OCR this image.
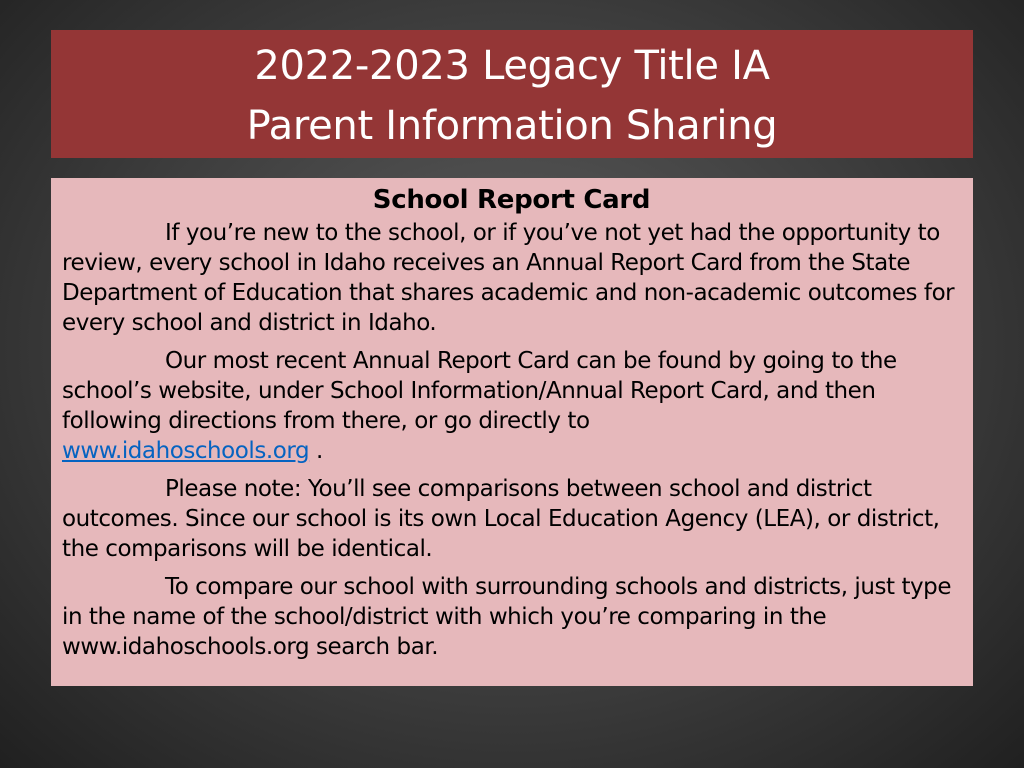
2022-2023 Legacy Title IA
Parent Information Sharing
School Report Card

If you’re new to the school, or if you’ve not yet had the opportunity to review, every school in Idaho receives an Annual Report Card from the State Department of Education that shares academic and non-academic outcomes for every school and district in Idaho.

Our most recent Annual Report Card can be found by going to the school’s website, under School Information/Annual Report Card, and then following directions from there, or go directly to
www.idahoschools.org .

Please note: You’ll see comparisons between school and district outcomes. Since our school is its own Local Education Agency (LEA), or district, the comparisons will be identical.

To compare our school with surrounding schools and districts, just type in the name of the school/district with which you’re comparing in the www.idahoschools.org search bar.
